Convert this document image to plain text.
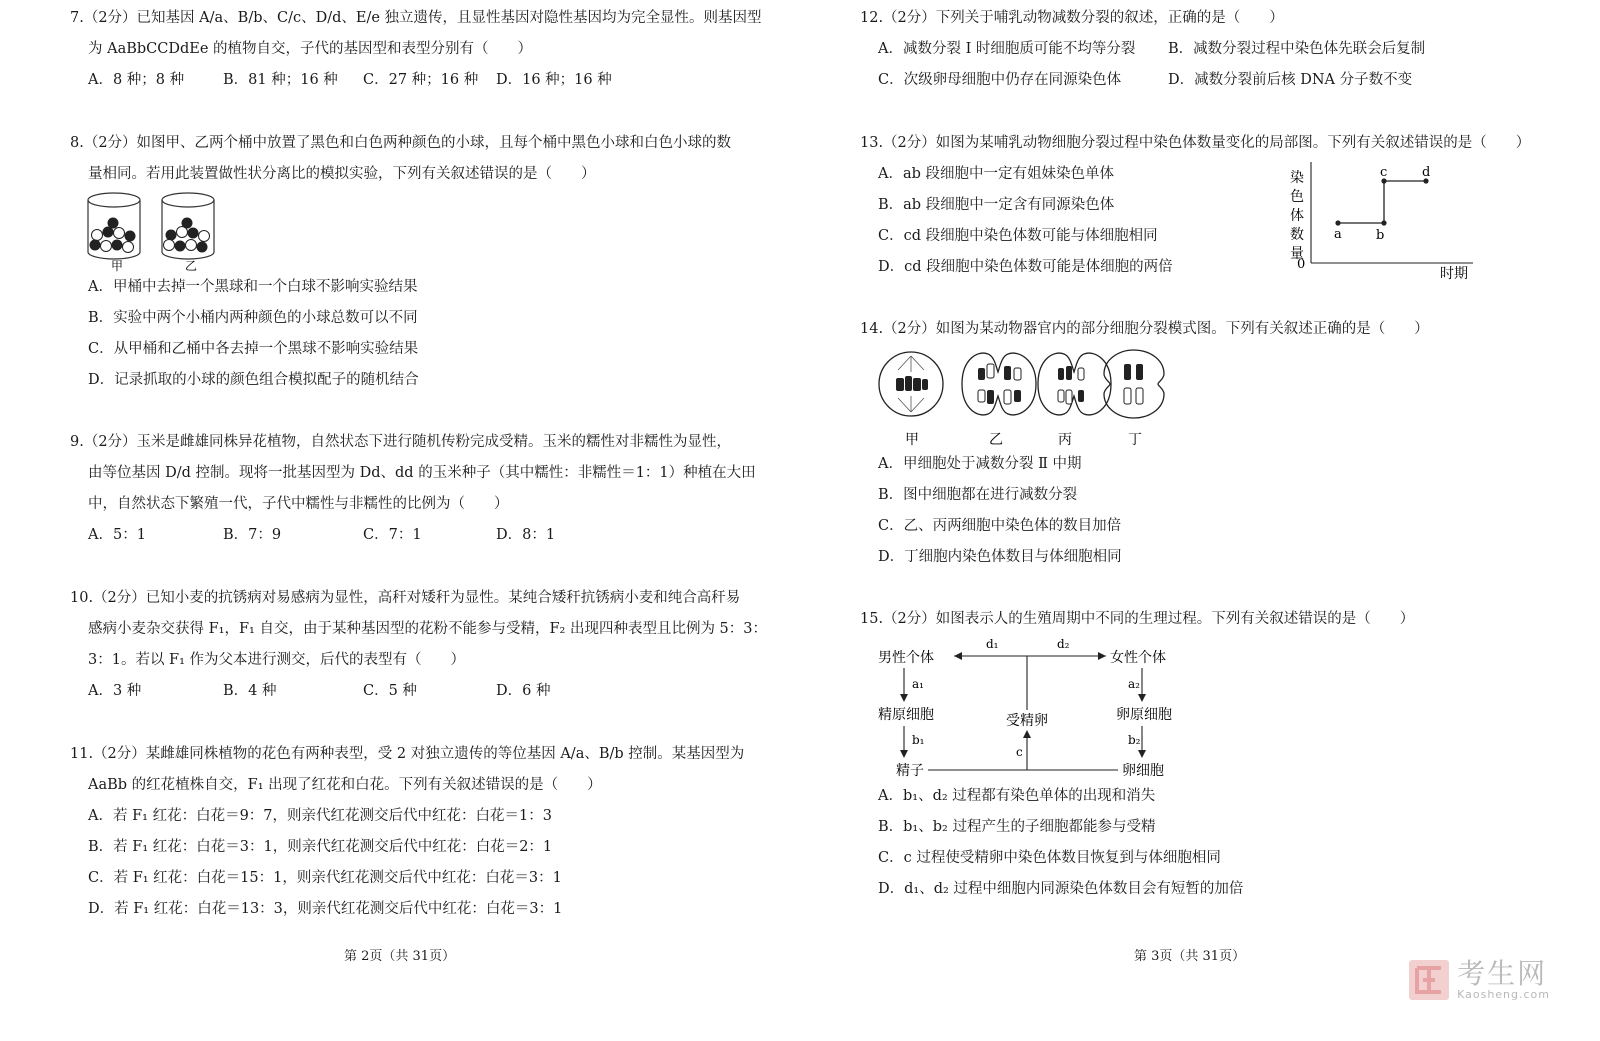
7.（2分）已知基因 A/a、B/b、C/c、D/d、E/e 独立遗传，且显性基因对隐性基因均为完全显性。则基因型
为 AaBbCCDdEe 的植物自交，子代的基因型和表型分别有（　　）
A．8 种；8 种	B．81 种；16 种	C．27 种；16 种	D．16 种；16 种
8.（2分）如图甲、乙两个桶中放置了黑色和白色两种颜色的小球，且每个桶中黑色小球和白色小球的数
量相同。若用此装置做性状分离比的模拟实验，下列有关叙述错误的是（　　）
甲	乙
A．甲桶中去掉一个黑球和一个白球不影响实验结果
B．实验中两个小桶内两种颜色的小球总数可以不同
C．从甲桶和乙桶中各去掉一个黑球不影响实验结果
D．记录抓取的小球的颜色组合模拟配子的随机结合
9.（2分）玉米是雌雄同株异花植物，自然状态下进行随机传粉完成受精。玉米的糯性对非糯性为显性，
由等位基因 D/d 控制。现将一批基因型为 Dd、dd 的玉米种子（其中糯性：非糯性＝1：1）种植在大田
中，自然状态下繁殖一代，子代中糯性与非糯性的比例为（　　）
A．5：1	B．7：9	C．7：1	D．8：1
10.（2分）已知小麦的抗锈病对易感病为显性，高秆对矮秆为显性。某纯合矮秆抗锈病小麦和纯合高秆易
感病小麦杂交获得 F₁，F₁ 自交，由于某种基因型的花粉不能参与受精，F₂ 出现四种表型且比例为 5：3：
3：1。若以 F₁ 作为父本进行测交，后代的表型有（　　）
A．3 种	B．4 种	C．5 种	D．6 种
11.（2分）某雌雄同株植物的花色有两种表型，受 2 对独立遗传的等位基因 A/a、B/b 控制。某基因型为
AaBb 的红花植株自交，F₁ 出现了红花和白花。下列有关叙述错误的是（　　）
A．若 F₁ 红花：白花＝9：7，则亲代红花测交后代中红花：白花＝1：3
B．若 F₁ 红花：白花＝3：1，则亲代红花测交后代中红花：白花＝2：1
C．若 F₁ 红花：白花＝15：1，则亲代红花测交后代中红花：白花＝3：1
D．若 F₁ 红花：白花＝13：3，则亲代红花测交后代中红花：白花＝3：1
第 2页（共 31页）
12.（2分）下列关于哺乳动物减数分裂的叙述，正确的是（　　）
A．减数分裂 Ⅰ 时细胞质可能不均等分裂	B．减数分裂过程中染色体先联会后复制
C．次级卵母细胞中仍存在同源染色体	D．减数分裂前后核 DNA 分子数不变
13.（2分）如图为某哺乳动物细胞分裂过程中染色体数量变化的局部图。下列有关叙述错误的是（　　）
A．ab 段细胞中一定有姐妹染色单体
B．ab 段细胞中一定含有同源染色体
C．cd 段细胞中染色体数可能与体细胞相同
D．cd 段细胞中染色体数可能是体细胞的两倍
染
色
体
数
量
0
时期
a	b
c	d
14.（2分）如图为某动物器官内的部分细胞分裂模式图。下列有关叙述正确的是（　　）
甲	乙	丙	丁
A．甲细胞处于减数分裂 Ⅱ 中期
B．图中细胞都在进行减数分裂
C．乙、丙两细胞中染色体的数目加倍
D．丁细胞内染色体数目与体细胞相同
15.（2分）如图表示人的生殖周期中不同的生理过程。下列有关叙述错误的是（　　）
男性个体	女性个体
精原细胞	卵原细胞
精子	卵细胞
受精卵
d₁	d₂
a₁	a₂
b₁	b₂
c
A．b₁、d₂ 过程都有染色单体的出现和消失
B．b₁、b₂ 过程产生的子细胞都能参与受精
C．c 过程使受精卵中染色体数目恢复到与体细胞相同
D．d₁、d₂ 过程中细胞内同源染色体数目会有短暂的加倍
第 3页（共 31页）
考生网
Kaosheng.com
